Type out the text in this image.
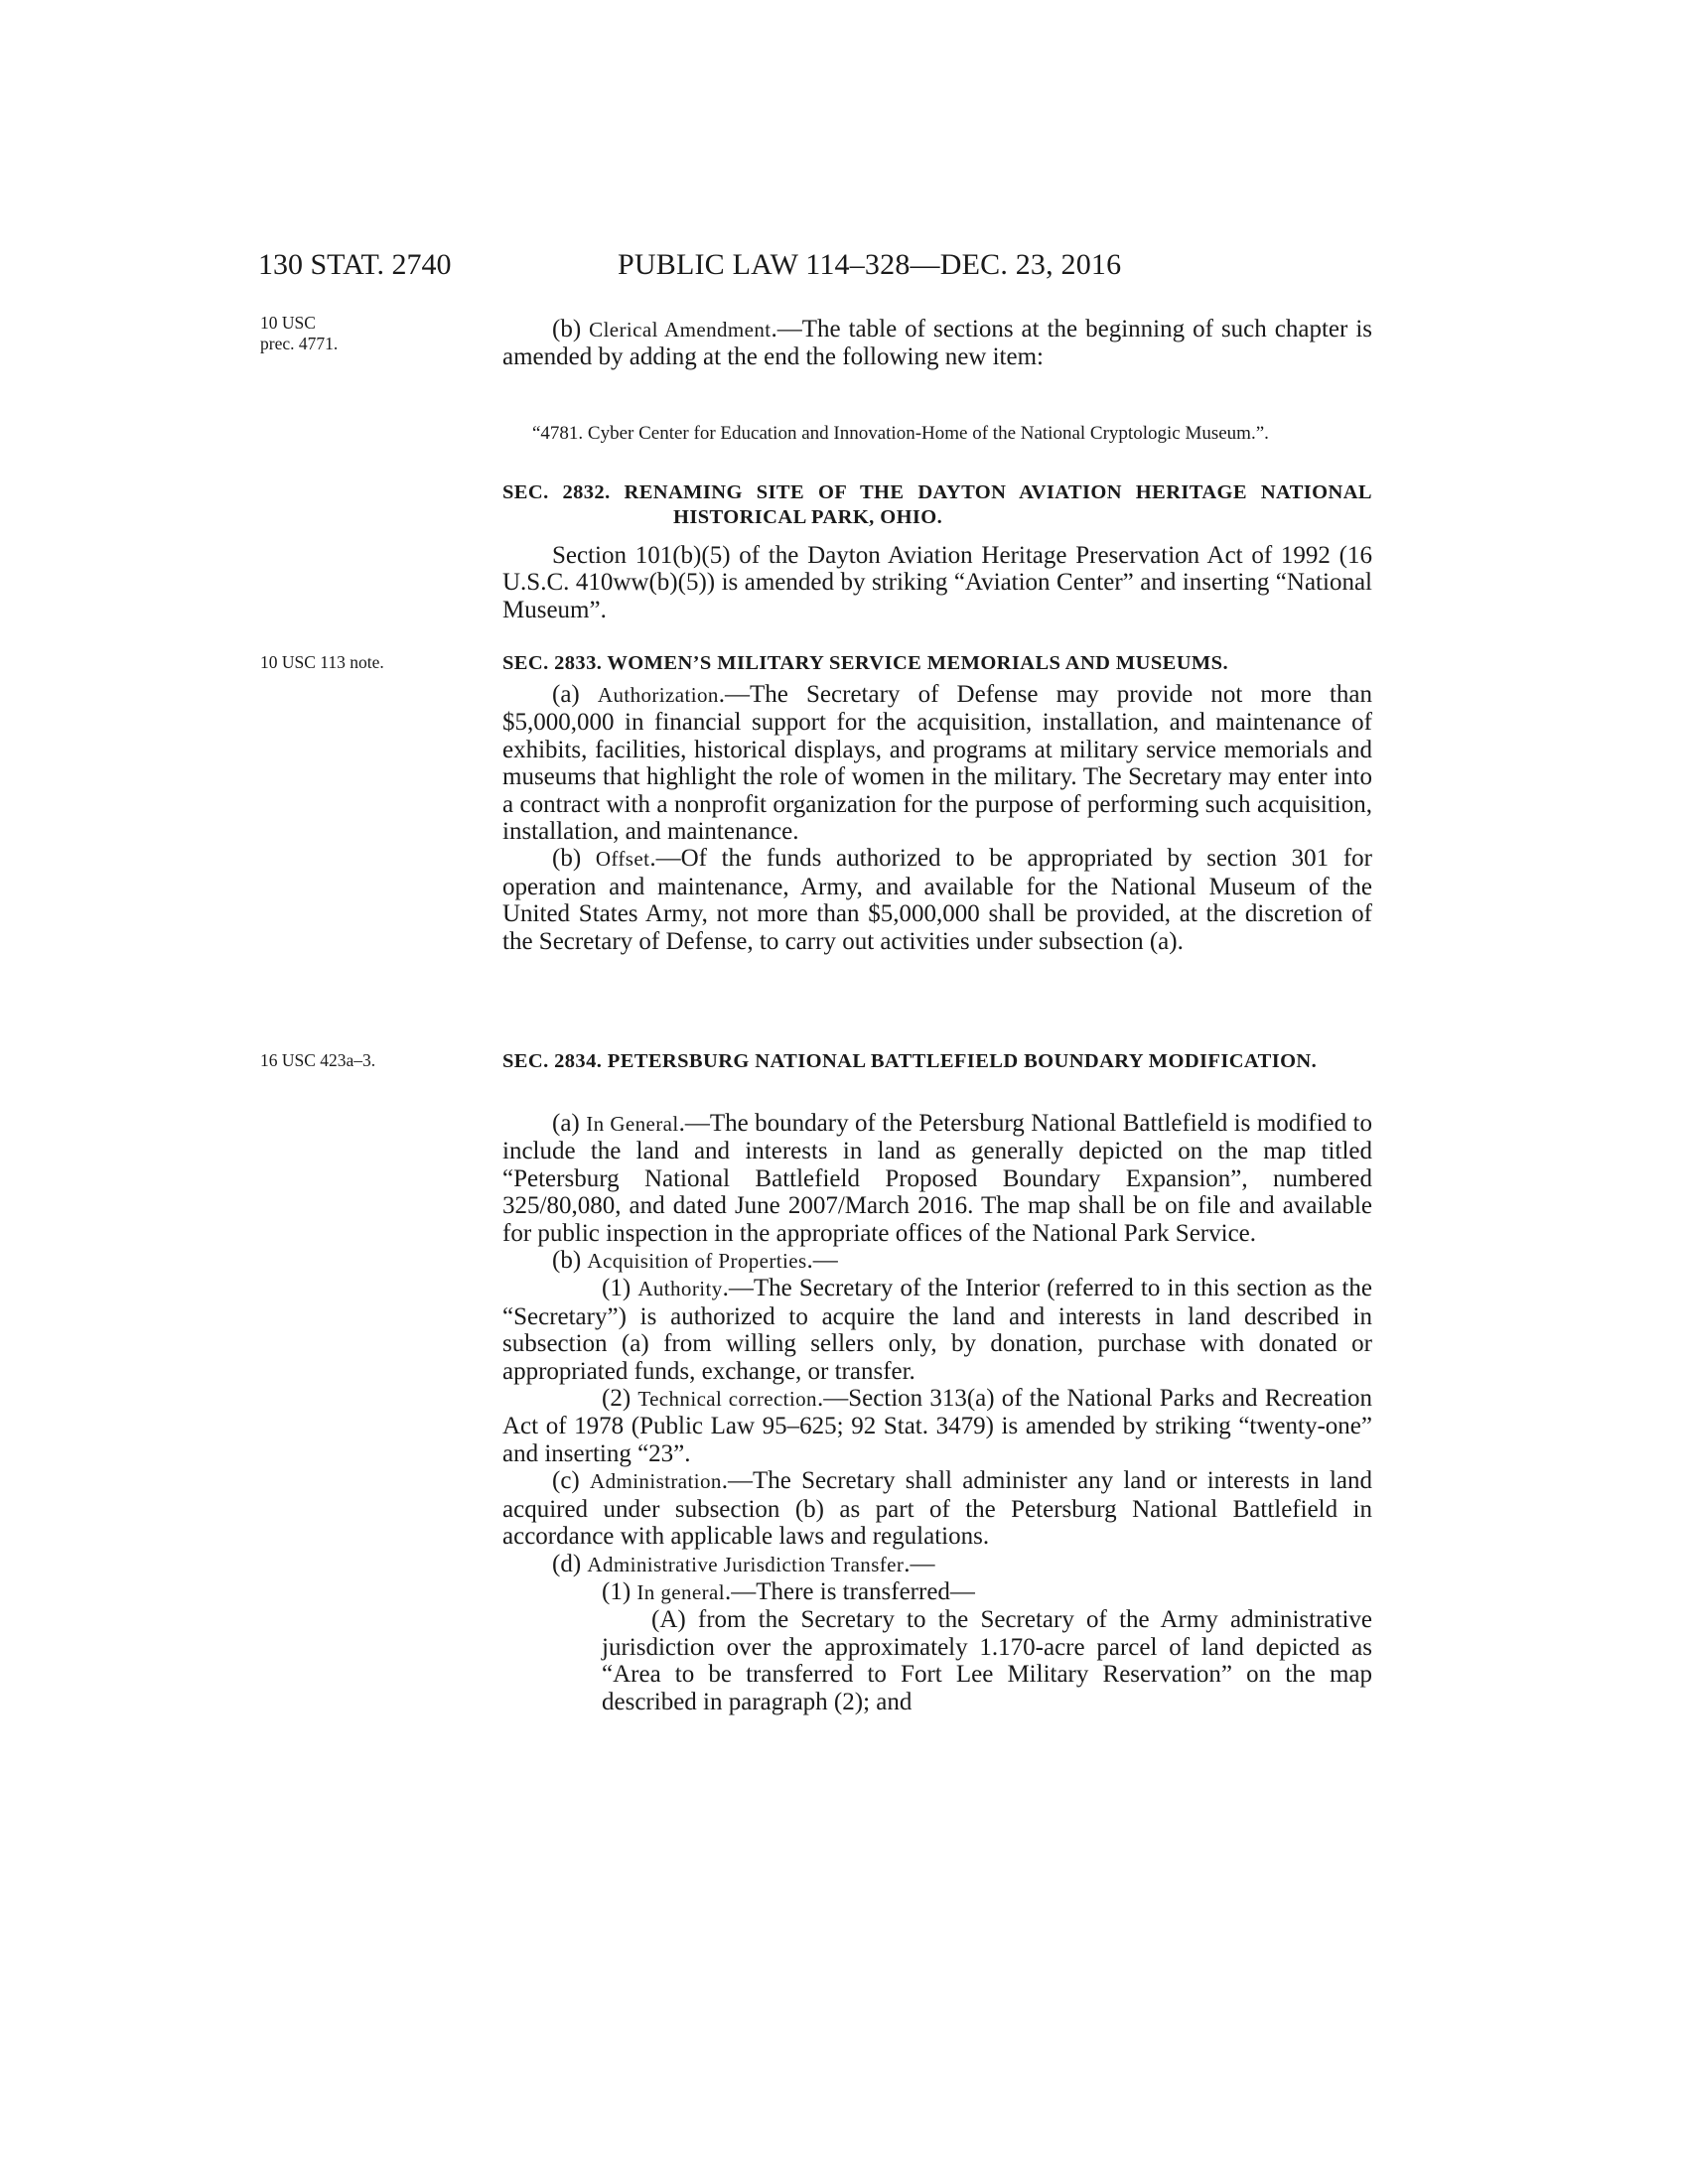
130 STAT. 2740	PUBLIC LAW 114–328—DEC. 23, 2016
10 USC
prec. 4771.
10 USC 113 note.
16 USC 423a–3.

(b) Clerical Amendment.—The table of sections at the beginning of such chapter is amended by adding at the end the following new item:

“4781. Cyber Center for Education and Innovation-Home of the National Cryptologic Museum.”.

SEC. 2832. RENAMING SITE OF THE DAYTON AVIATION HERITAGE NATIONAL HISTORICAL PARK, OHIO.

Section 101(b)(5) of the Dayton Aviation Heritage Preservation Act of 1992 (16 U.S.C. 410ww(b)(5)) is amended by striking “Aviation Center” and inserting “National Museum”.

SEC. 2833. WOMEN’S MILITARY SERVICE MEMORIALS AND MUSEUMS.

(a) Authorization.—The Secretary of Defense may provide not more than $5,000,000 in financial support for the acquisition, installation, and maintenance of exhibits, facilities, historical displays, and programs at military service memorials and museums that highlight the role of women in the military. The Secretary may enter into a contract with a nonprofit organization for the purpose of performing such acquisition, installation, and maintenance.

(b) Offset.—Of the funds authorized to be appropriated by section 301 for operation and maintenance, Army, and available for the National Museum of the United States Army, not more than $5,000,000 shall be provided, at the discretion of the Secretary of Defense, to carry out activities under subsection (a).

SEC. 2834. PETERSBURG NATIONAL BATTLEFIELD BOUNDARY MODIFICATION.

(a) In General.—The boundary of the Petersburg National Battlefield is modified to include the land and interests in land as generally depicted on the map titled “Petersburg National Battlefield Proposed Boundary Expansion”, numbered 325/80,080, and dated June 2007/March 2016. The map shall be on file and available for public inspection in the appropriate offices of the National Park Service.

(b) Acquisition of Properties.—

(1) Authority.—The Secretary of the Interior (referred to in this section as the “Secretary”) is authorized to acquire the land and interests in land described in subsection (a) from willing sellers only, by donation, purchase with donated or appropriated funds, exchange, or transfer.

(2) Technical correction.—Section 313(a) of the National Parks and Recreation Act of 1978 (Public Law 95–625; 92 Stat. 3479) is amended by striking “twenty-one” and inserting “23”.

(c) Administration.—The Secretary shall administer any land or interests in land acquired under subsection (b) as part of the Petersburg National Battlefield in accordance with applicable laws and regulations.

(d) Administrative Jurisdiction Transfer.—

(1) In general.—There is transferred—

(A) from the Secretary to the Secretary of the Army administrative jurisdiction over the approximately 1.170-acre parcel of land depicted as “Area to be transferred to Fort Lee Military Reservation” on the map described in paragraph (2); and
